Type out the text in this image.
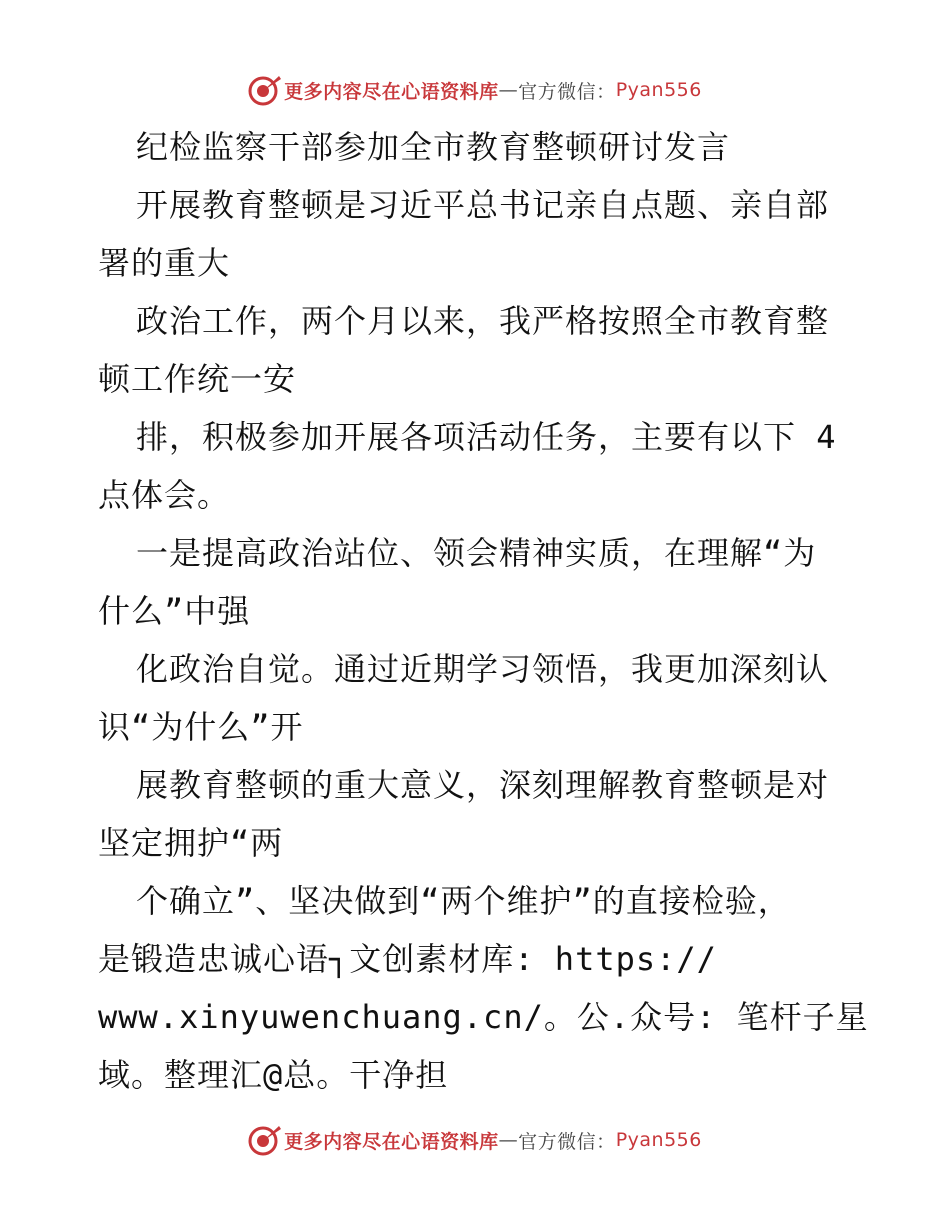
更多内容尽在心语资料库 — 官方微信： Pyan556
纪检监察干部参加全市教育整顿研讨发言
开展教育整顿是习近平总书记亲自点题、亲自部
署的重大
政治工作，两个月以来，我严格按照全市教育整
顿工作统一安
排，积极参加开展各项活动任务，主要有以下 4
点体会。
一是提高政治站位、领会精神实质，在理解“为
什么”中强
化政治自觉。通过近期学习领悟，我更加深刻认
识“为什么”开
展教育整顿的重大意义，深刻理解教育整顿是对
坚定拥护“两
个确立”、坚决做到“两个维护”的直接检验，
是锻造忠诚心语┐文创素材库: https://
www.xinyuwenchuang.cn/。公.众号: 笔杆子星
域。整理汇@总。干净担
更多内容尽在心语资料库 — 官方微信： Pyan556
